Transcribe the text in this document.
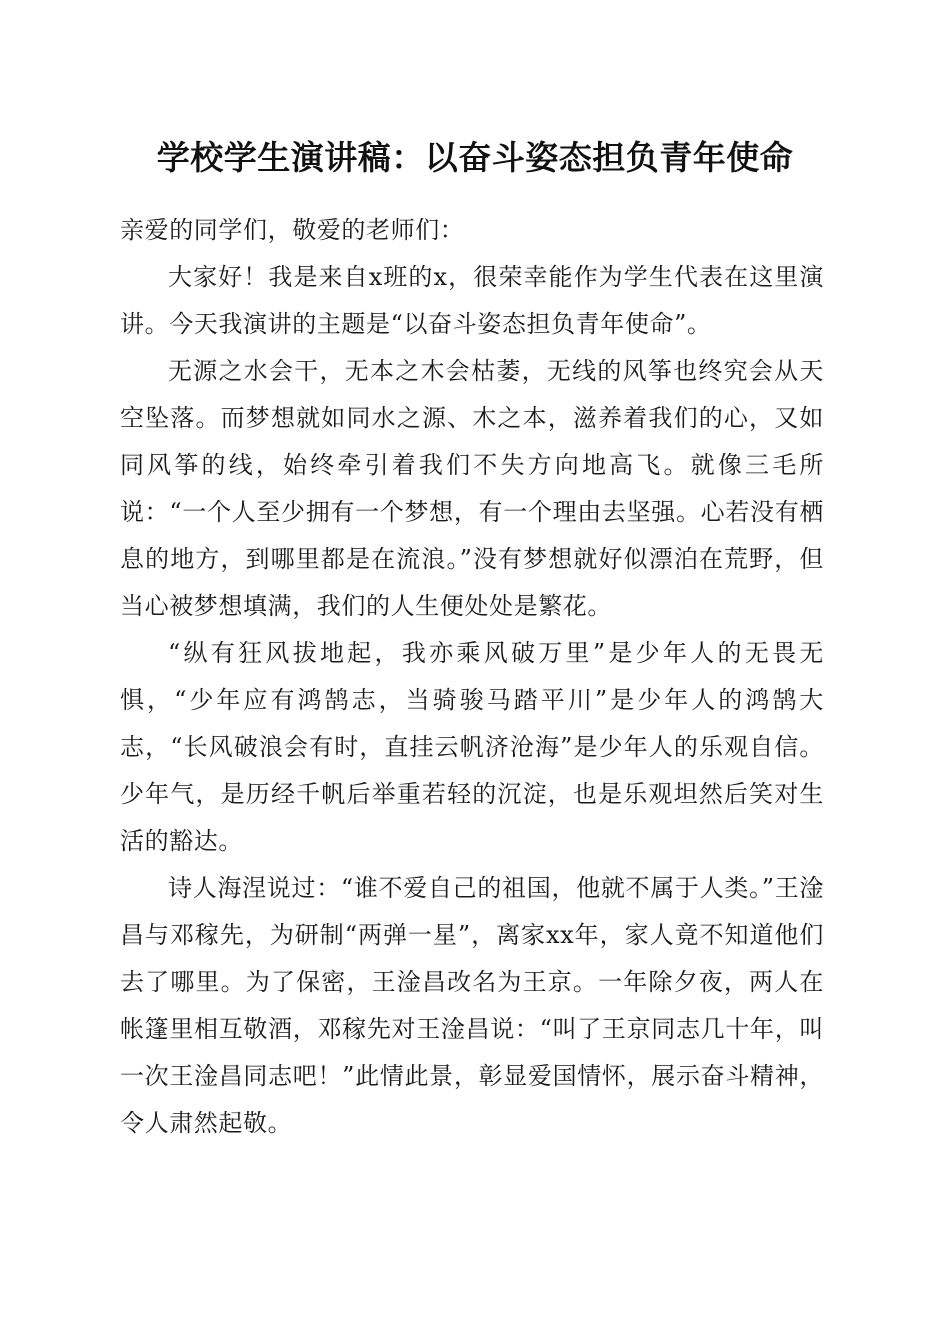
学校学生演讲稿：以奋斗姿态担负青年使命

亲爱的同学们，敬爱的老师们：

大家好！我是来自x班的x，很荣幸能作为学生代表在这里演讲。今天我演讲的主题是“以奋斗姿态担负青年使命”。

无源之水会干，无本之木会枯萎，无线的风筝也终究会从天空坠落。而梦想就如同水之源、木之本，滋养着我们的心，又如同风筝的线，始终牵引着我们不失方向地高飞。就像三毛所说：“一个人至少拥有一个梦想，有一个理由去坚强。心若没有栖息的地方，到哪里都是在流浪。”没有梦想就好似漂泊在荒野，但当心被梦想填满，我们的人生便处处是繁花。

“纵有狂风拔地起，我亦乘风破万里”是少年人的无畏无惧，“少年应有鸿鹄志，当骑骏马踏平川”是少年人的鸿鹄大志，“长风破浪会有时，直挂云帆济沧海”是少年人的乐观自信。少年气，是历经千帆后举重若轻的沉淀，也是乐观坦然后笑对生活的豁达。

诗人海涅说过：“谁不爱自己的祖国，他就不属于人类。”王淦昌与邓稼先，为研制“两弹一星”，离家xx年，家人竟不知道他们去了哪里。为了保密，王淦昌改名为王京。一年除夕夜，两人在帐篷里相互敬酒，邓稼先对王淦昌说：“叫了王京同志几十年，叫一次王淦昌同志吧！”此情此景，彰显爱国情怀，展示奋斗精神，令人肃然起敬。
